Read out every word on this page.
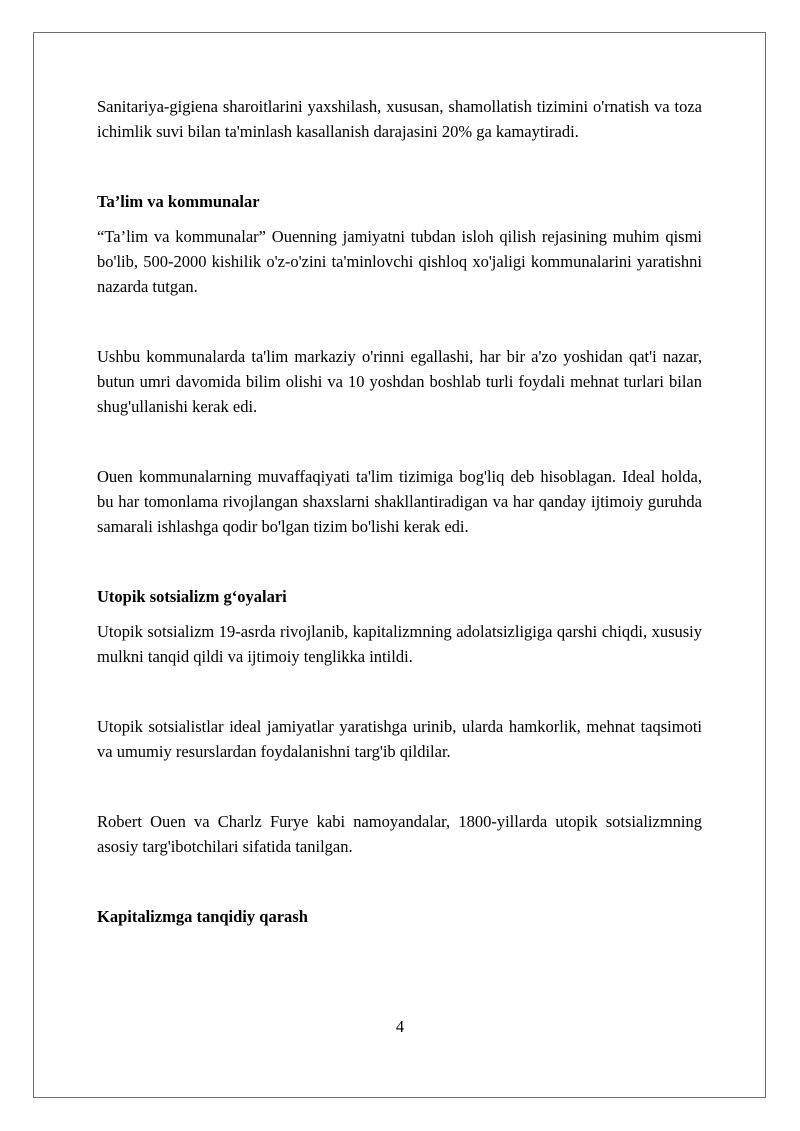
Sanitariya-gigiena sharoitlarini yaxshilash, xususan, shamollatish tizimini o'rnatish va toza ichimlik suvi bilan ta'minlash kasallanish darajasini 20% ga kamaytiradi.

Ta’lim va kommunalar

“Ta’lim va kommunalar” Ouenning jamiyatni tubdan isloh qilish rejasining muhim qismi bo'lib, 500-2000 kishilik o'z-o'zini ta'minlovchi qishloq xo'jaligi kommunalarini yaratishni nazarda tutgan.

Ushbu kommunalarda ta'lim markaziy o'rinni egallashi, har bir a'zo yoshidan qat'i nazar, butun umri davomida bilim olishi va 10 yoshdan boshlab turli foydali mehnat turlari bilan shug'ullanishi kerak edi.

Ouen kommunalarning muvaffaqiyati ta'lim tizimiga bog'liq deb hisoblagan. Ideal holda, bu har tomonlama rivojlangan shaxslarni shakllantiradigan va har qanday ijtimoiy guruhda samarali ishlashga qodir bo'lgan tizim bo'lishi kerak edi.

Utopik sotsializm g‘oyalari

Utopik sotsializm 19-asrda rivojlanib, kapitalizmning adolatsizligiga qarshi chiqdi, xususiy mulkni tanqid qildi va ijtimoiy tenglikka intildi.

Utopik sotsialistlar ideal jamiyatlar yaratishga urinib, ularda hamkorlik, mehnat taqsimoti va umumiy resurslardan foydalanishni targ'ib qildilar.

Robert Ouen va Charlz Furye kabi namoyandalar, 1800-yillarda utopik sotsializmning asosiy targ'ibotchilari sifatida tanilgan.

Kapitalizmga tanqidiy qarash
4
